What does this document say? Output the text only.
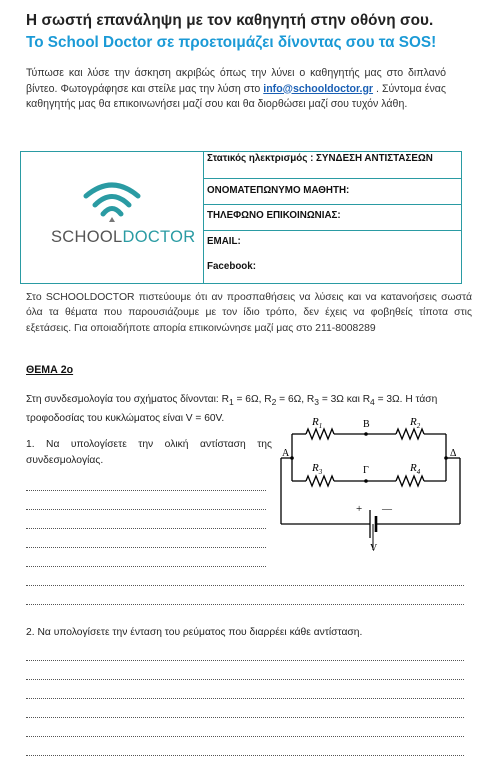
Η σωστή επανάληψη με τον καθηγητή στην οθόνη σου.
Το School Doctor σε προετοιμάζει δίνοντας σου τα SOS!
Τύπωσε και λύσε την άσκηση ακριβώς όπως την λύνει ο καθηγητής μας στο διπλανό βίντεο. Φωτογράφησε και στείλε μας την λύση στο info@schooldoctor.gr . Σύντομα ένας καθηγητής μας θα επικοινωνήσει μαζί σου και θα διορθώσει μαζί σου τυχόν λάθη.
SCHOOLDOCTOR
Στατικός ηλεκτρισμός : ΣΥΝΔΕΣΗ ΑΝΤΙΣΤΑΣΕΩΝ
ΟΝΟΜΑΤΕΠΩΝΥΜΟ ΜΑΘΗΤΗ:
ΤΗΛΕΦΩΝΟ ΕΠΙΚΟΙΝΩΝΙΑΣ:
EMAIL:
Facebook:
Στο SCHOOLDOCTOR πιστεύουμε ότι αν προσπαθήσεις να λύσεις και να κατανοήσεις σωστά όλα τα θέματα που παρουσιάζουμε με τον ίδιο τρόπο, δεν έχεις να φοβηθείς τίποτα στις εξετάσεις. Για οποιαδήποτε απορία επικοινώνησε μαζί μας στο 211-8008289
ΘΕΜΑ 2ο
Στη συνδεσμολογία του σχήματος δίνονται: $R_1 = 6\Omega$, $R_2 = 6\Omega$, $R_3 = 3\Omega$ και $R_4 = 3\Omega$. Η τάση τροφοδοσίας του κυκλώματος είναι V = 60V.
1. Να υπολογίσετε την ολική αντίσταση της συνδεσμολογίας.
2. Να υπολογίσετε την ένταση του ρεύματος που διαρρέει κάθε αντίσταση.
$R_1$	$R_2$
$R_3$	$R_4$
Α
Β
Γ
Δ
+ —
V
